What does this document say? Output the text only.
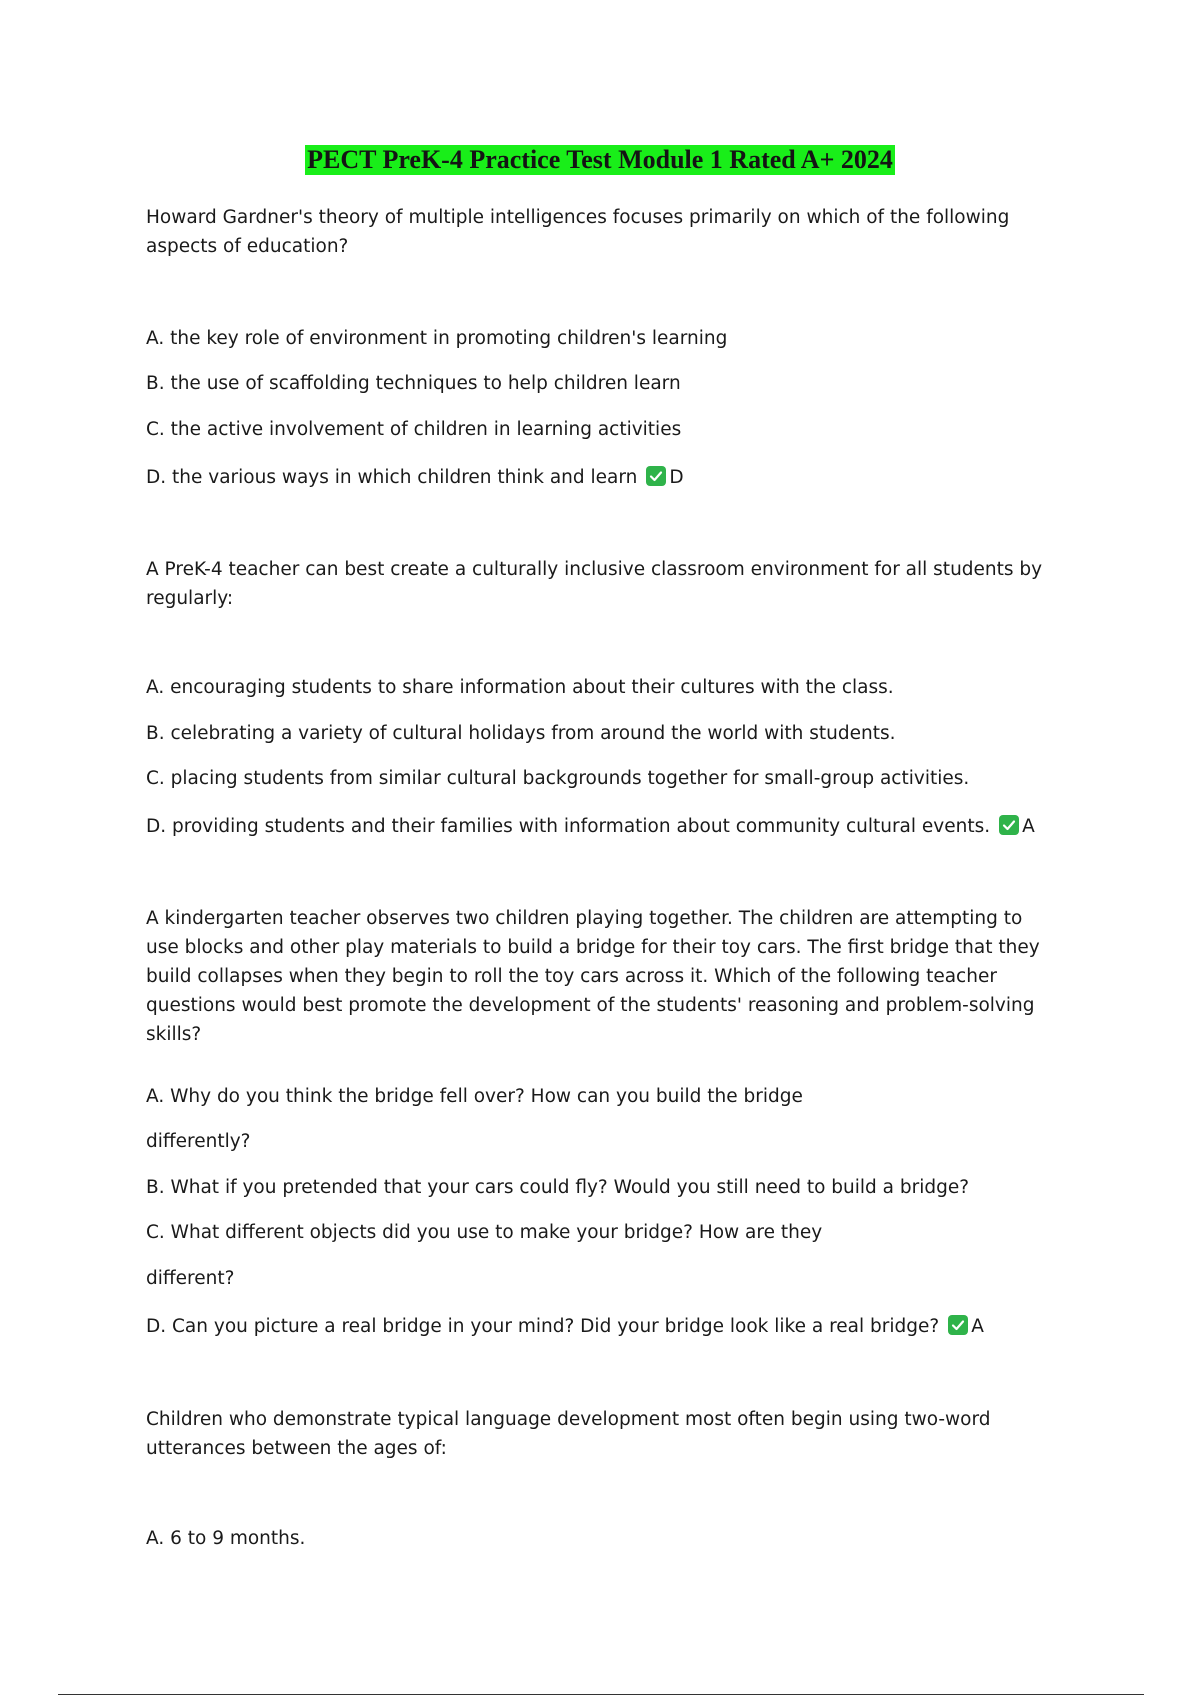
PECT PreK-4 Practice Test Module 1 Rated A+ 2024

Howard Gardner's theory of multiple intelligences focuses primarily on which of the following aspects of education?

A. the key role of environment in promoting children's learning
B. the use of scaffolding techniques to help children learn
C. the active involvement of children in learning activities
D. the various ways in which children think and learn D

A PreK-4 teacher can best create a culturally inclusive classroom environment for all students by regularly:

A. encouraging students to share information about their cultures with the class.
B. celebrating a variety of cultural holidays from around the world with students.
C. placing students from similar cultural backgrounds together for small-group activities.
D. providing students and their families with information about community cultural events. A

A kindergarten teacher observes two children playing together. The children are attempting to use blocks and other play materials to build a bridge for their toy cars. The first bridge that they build collapses when they begin to roll the toy cars across it. Which of the following teacher questions would best promote the development of the students' reasoning and problem-solving skills?

A. Why do you think the bridge fell over? How can you build the bridge
differently?
B. What if you pretended that your cars could fly? Would you still need to build a bridge?
C. What different objects did you use to make your bridge? How are they
different?
D. Can you picture a real bridge in your mind? Did your bridge look like a real bridge? A

Children who demonstrate typical language development most often begin using two-word utterances between the ages of:

A. 6 to 9 months.
